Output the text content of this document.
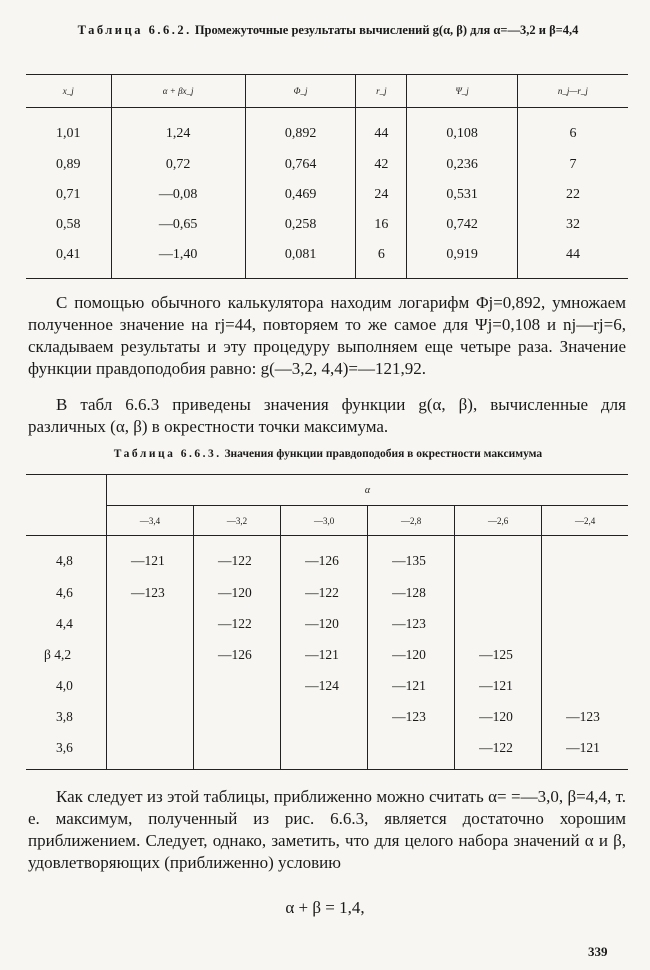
Таблица 6.6.2. Промежуточные результаты вычислений g(α, β) для α=—3,2 и β=4,4
x_j	α + βx_j	Φ_j	r_j	Ψ_j	n_j—r_j
1,01	1,24	0,892	44	0,108	6
0,89	0,72	0,764	42	0,236	7
0,71	—0,08	0,469	24	0,531	22
0,58	—0,65	0,258	16	0,742	32
0,41	—1,40	0,081	6	0,919	44
С помощью обычного калькулятора находим логарифм Φj=0,892, умножаем полученное значение на rj=44, повторяем то же самое для Ψj=0,108 и nj—rj=6, складываем результаты и эту процедуру выполняем еще четыре раза. Значение функции правдоподобия равно: g(—3,2, 4,4)=—121,92.
В табл 6.6.3 приведены значения функции g(α, β), вычисленные для различных (α, β) в окрестности точки максимума.
Таблица 6.6.3. Значения функции правдоподобия в окрестности максимума
	α					
	—3,4	—3,2	—3,0	—2,8	—2,6	—2,4
4,8	—121	—122	—126	—135		
4,6	—123	—120	—122	—128		
4,4		—122	—120	—123		
β 4,2		—126	—121	—120	—125	
4,0			—124	—121	—121	
3,8				—123	—120	—123
3,6					—122	—121
Как следует из этой таблицы, приближенно можно считать α= =—3,0, β=4,4, т. е. максимум, полученный из рис. 6.6.3, является достаточно хорошим приближением. Следует, однако, заметить, что для целого набора значений α и β, удовлетворяющих (приближенно) условию
α + β = 1,4,
339
